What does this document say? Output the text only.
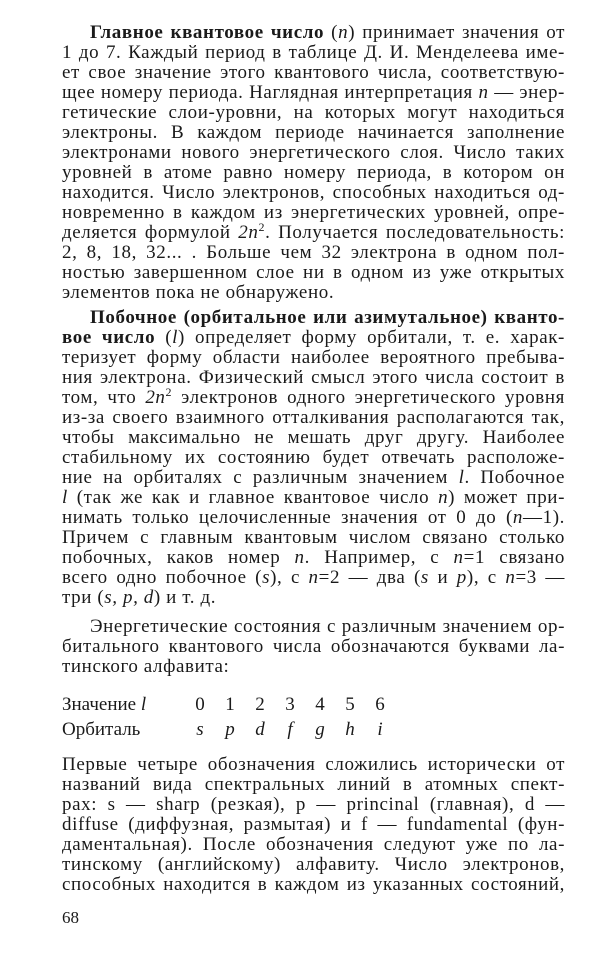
Главное квантовое число (n) принимает значения от
1 до 7. Каждый период в таблице Д. И. Менделеева име-
ет свое значение этого квантового числа, соответствую-
щее номеру периода. Наглядная интерпретация n — энер-
гетические слои-уровни, на которых могут находиться
электроны. В каждом периоде начинается заполнение
электронами нового энергетического слоя. Число таких
уровней в атоме равно номеру периода, в котором он
находится. Число электронов, способных находиться од-
новременно в каждом из энергетических уровней, опре-
деляется формулой $2n^2$. Получается последовательность:
2, 8, 18, 32... . Больше чем 32 электрона в одном пол-
ностью завершенном слое ни в одном из уже открытых
элементов пока не обнаружено.
Побочное (орбитальное или азимутальное) кванто-
вое число (l) определяет форму орбитали, т. е. харак-
теризует форму области наиболее вероятного пребыва-
ния электрона. Физический смысл этого числа состоит в
том, что $2n^2$ электронов одного энергетического уровня
из-за своего взаимного отталкивания располагаются так,
чтобы максимально не мешать друг другу. Наиболее
стабильному их состоянию будет отвечать расположе-
ние на орбиталях с различным значением l. Побочное
l (так же как и главное квантовое число n) может при-
нимать только целочисленные значения от 0 до (n—1).
Причем с главным квантовым числом связано столько
побочных, каков номер n. Например, с n=1 связано
всего одно побочное (s), с n=2 — два (s и p), с n=3 —
три (s, p, d) и т. д.
Энергетические состояния с различным значением ор-
битального квантового числа обозначаются буквами ла-
тинского алфавита:
Значение l	0 1 2 3 4 5 6
Орбиталь	s	p d	f	g h	i
Первые четыре обозначения сложились исторически от
названий вида спектральных линий в атомных спект-
рах: s — sharp (резкая), p — princinal (главная), d —
diffuse (диффузная, размытая) и f — fundamental (фун-
даментальная). После обозначения следуют уже по ла-
тинскому (английскому) алфавиту. Число электронов,
способных находится в каждом из указанных состояний,
68
